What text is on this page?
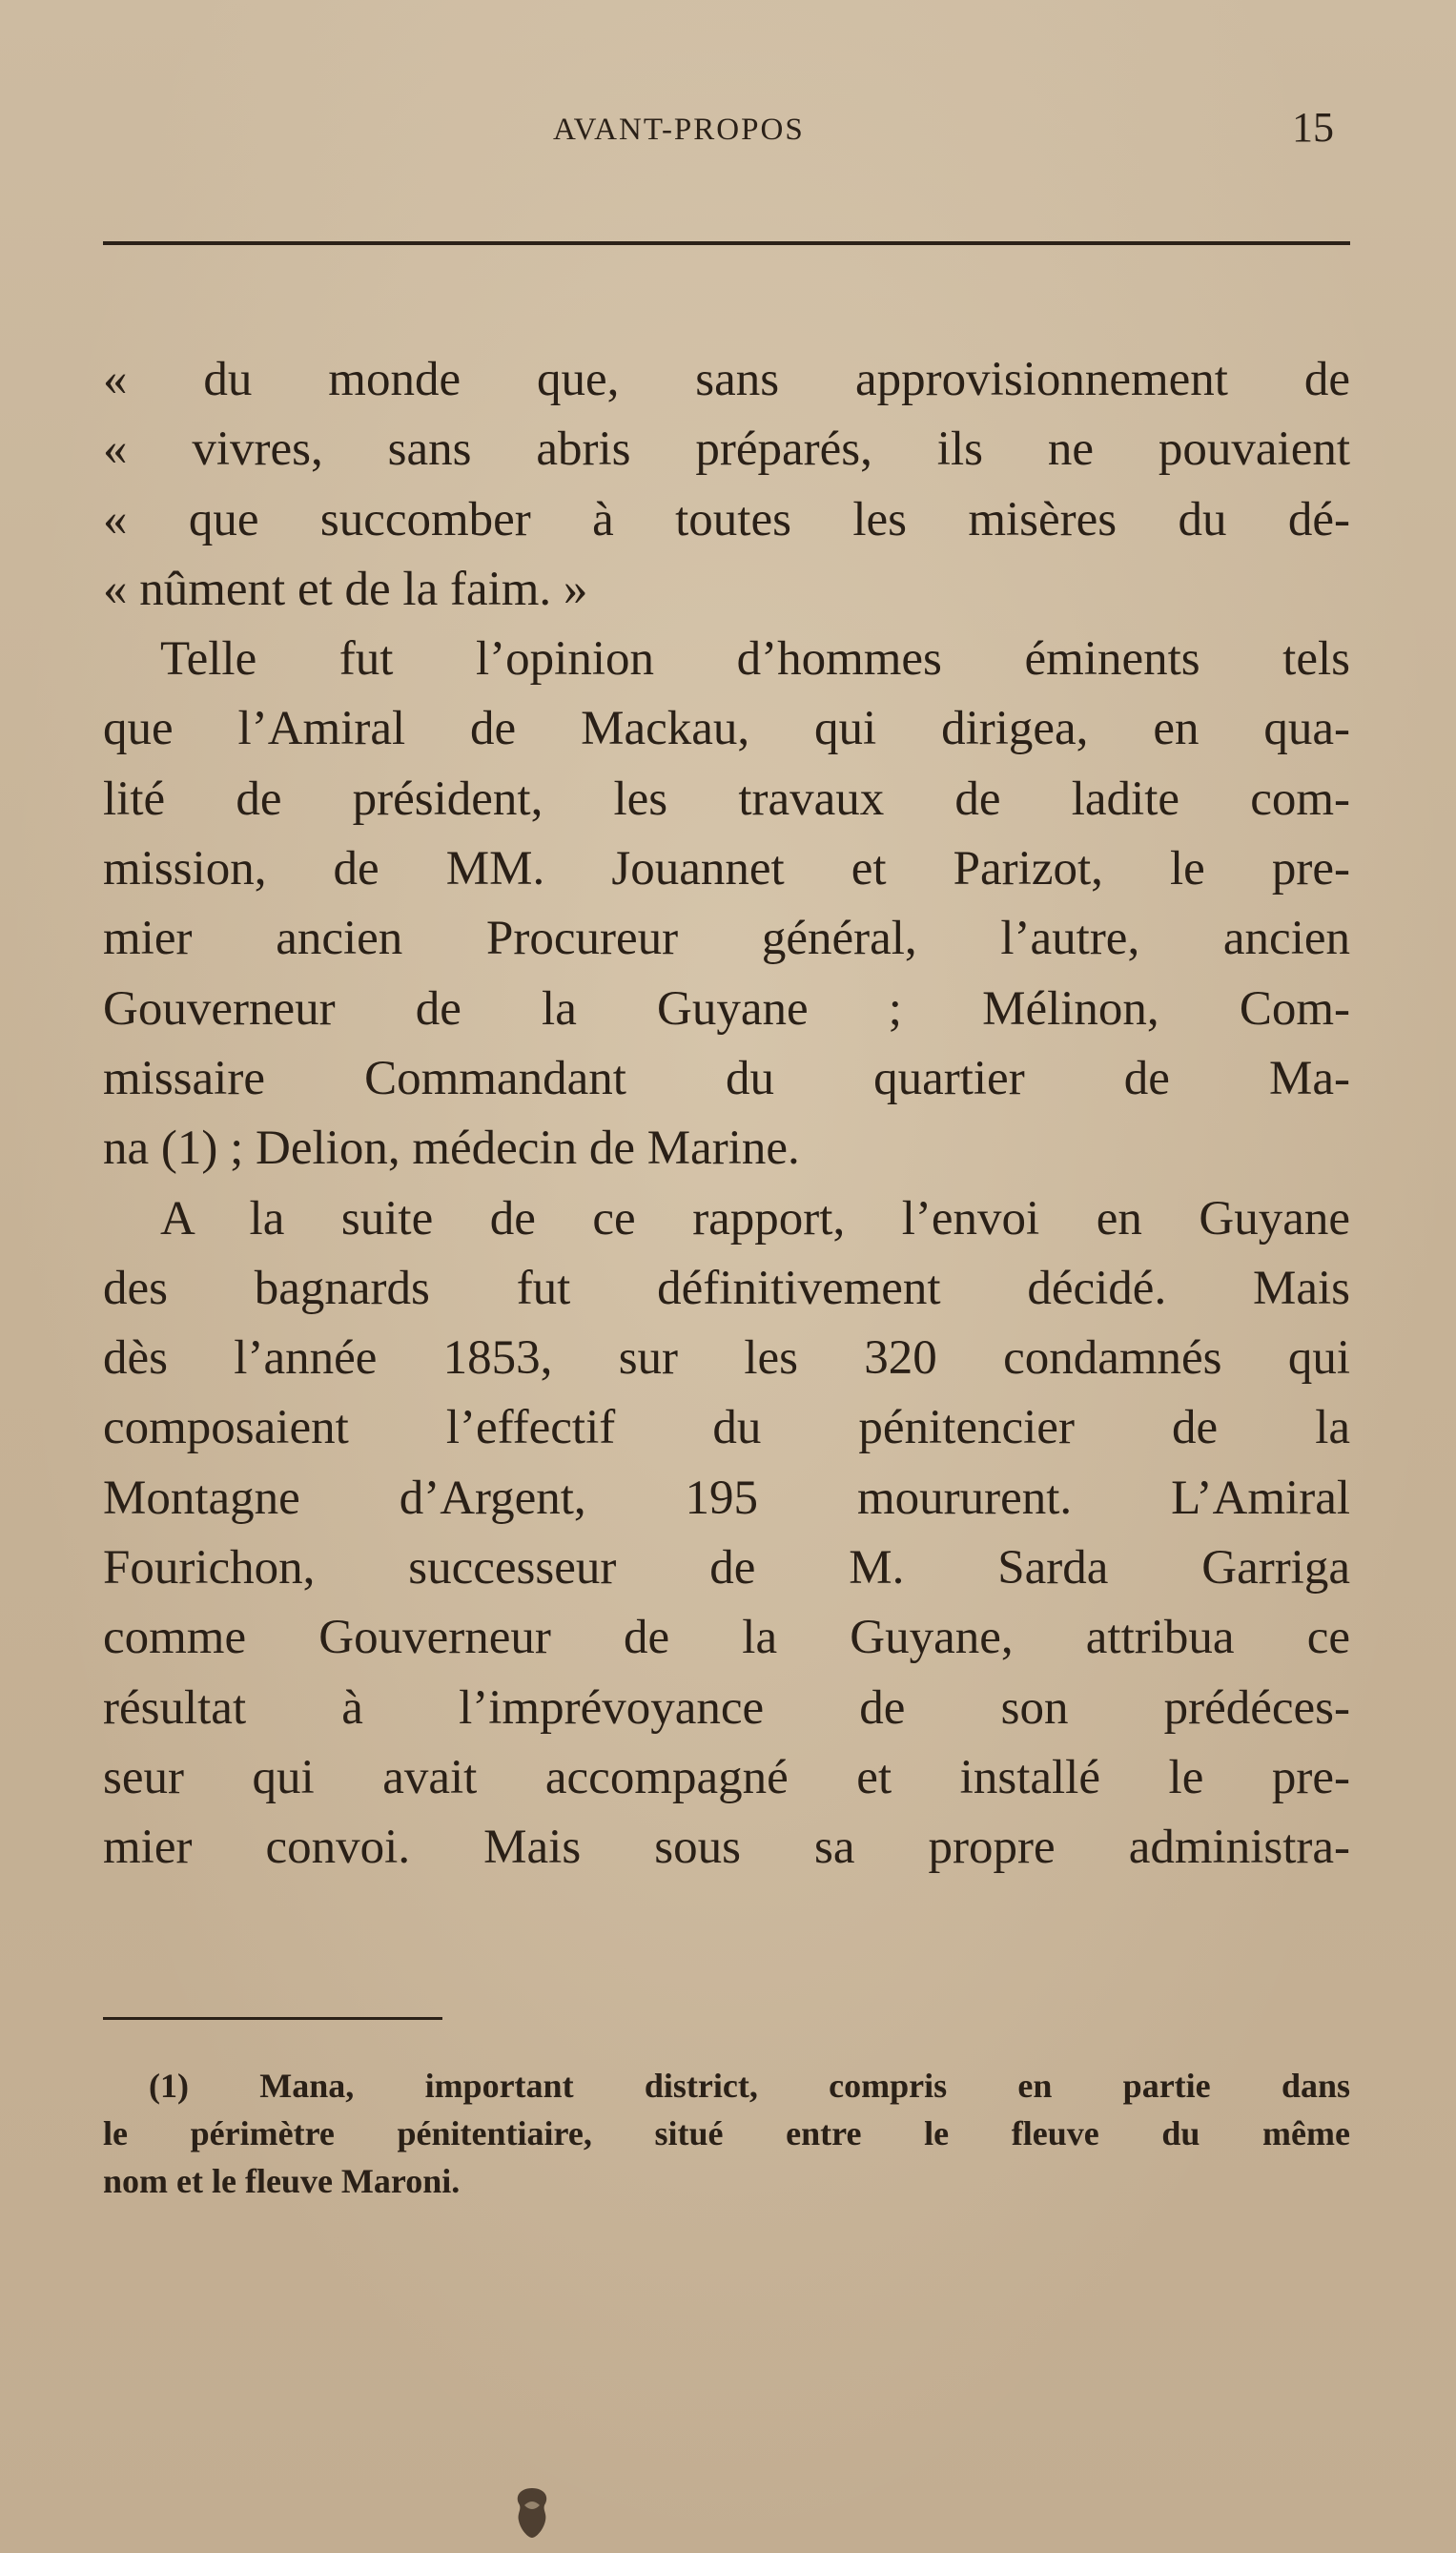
AVANT-PROPOS	15
« du monde que, sans approvisionnement de
« vivres, sans abris préparés, ils ne pouvaient
« que succomber à toutes les misères du dé-
« nûment et de la faim. »
Telle fut l’opinion d’hommes éminents tels
que l’Amiral de Mackau, qui dirigea, en qua-
lité de président, les travaux de ladite com-
mission, de MM. Jouannet et Parizot, le pre-
mier ancien Procureur général, l’autre, ancien
Gouverneur de la Guyane ; Mélinon, Com-
missaire Commandant du quartier de Ma-
na (1) ; Delion, médecin de Marine.
A la suite de ce rapport, l’envoi en Guyane
des bagnards fut définitivement décidé. Mais
dès l’année 1853, sur les 320 condamnés qui
composaient l’effectif du pénitencier de la
Montagne d’Argent, 195 moururent. L’Amiral
Fourichon, successeur de M. Sarda Garriga
comme Gouverneur de la Guyane, attribua ce
résultat à l’imprévoyance de son prédéces-
seur qui avait accompagné et installé le pre-
mier convoi. Mais sous sa propre administra-
(1) Mana, important district, compris en partie dans
le périmètre pénitentiaire, situé entre le fleuve du même
nom et le fleuve Maroni.
